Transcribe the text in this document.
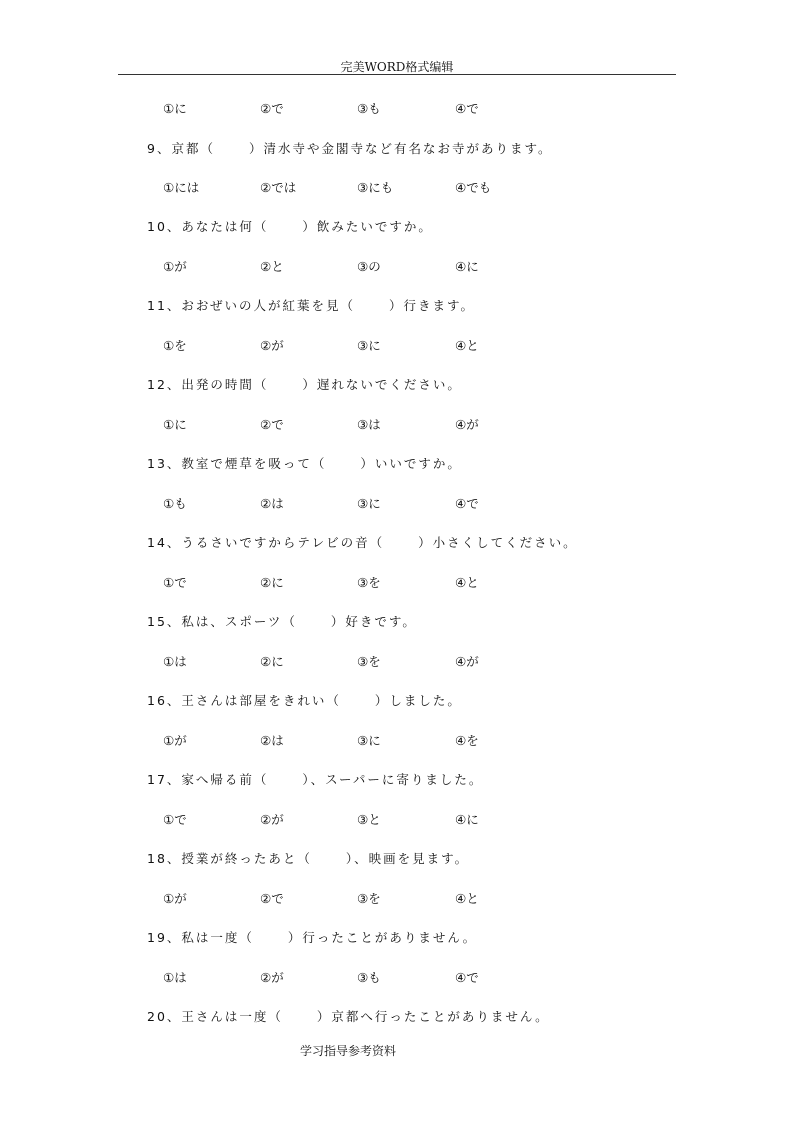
完美WORD格式编辑
①に	②で	③も	④で
9、京都（	）清水寺や金閣寺など有名なお寺があります。
①には	②では	③にも	④でも
10、あなたは何（	）飲みたいですか。
①が	②と	③の	④に
11、おおぜいの人が紅葉を見（	）行きます。
①を	②が	③に	④と
12、出発の時間（	）遅れないでください。
①に	②で	③は	④が
13、教室で煙草を吸って（	）いいですか。
①も	②は	③に	④で
14、うるさいですからテレビの音（	）小さくしてください。
①で	②に	③を	④と
15、私は、スポーツ（	）好きです。
①は	②に	③を	④が
16、王さんは部屋をきれい（	）しました。
①が	②は	③に	④を
17、家へ帰る前（	）、スーパーに寄りました。
①で	②が	③と	④に
18、授業が終ったあと（	）、映画を見ます。
①が	②で	③を	④と
19、私は一度（	）行ったことがありません。
①は	②が	③も	④で
20、王さんは一度（	）京都へ行ったことがありません。
学习指导参考资料
